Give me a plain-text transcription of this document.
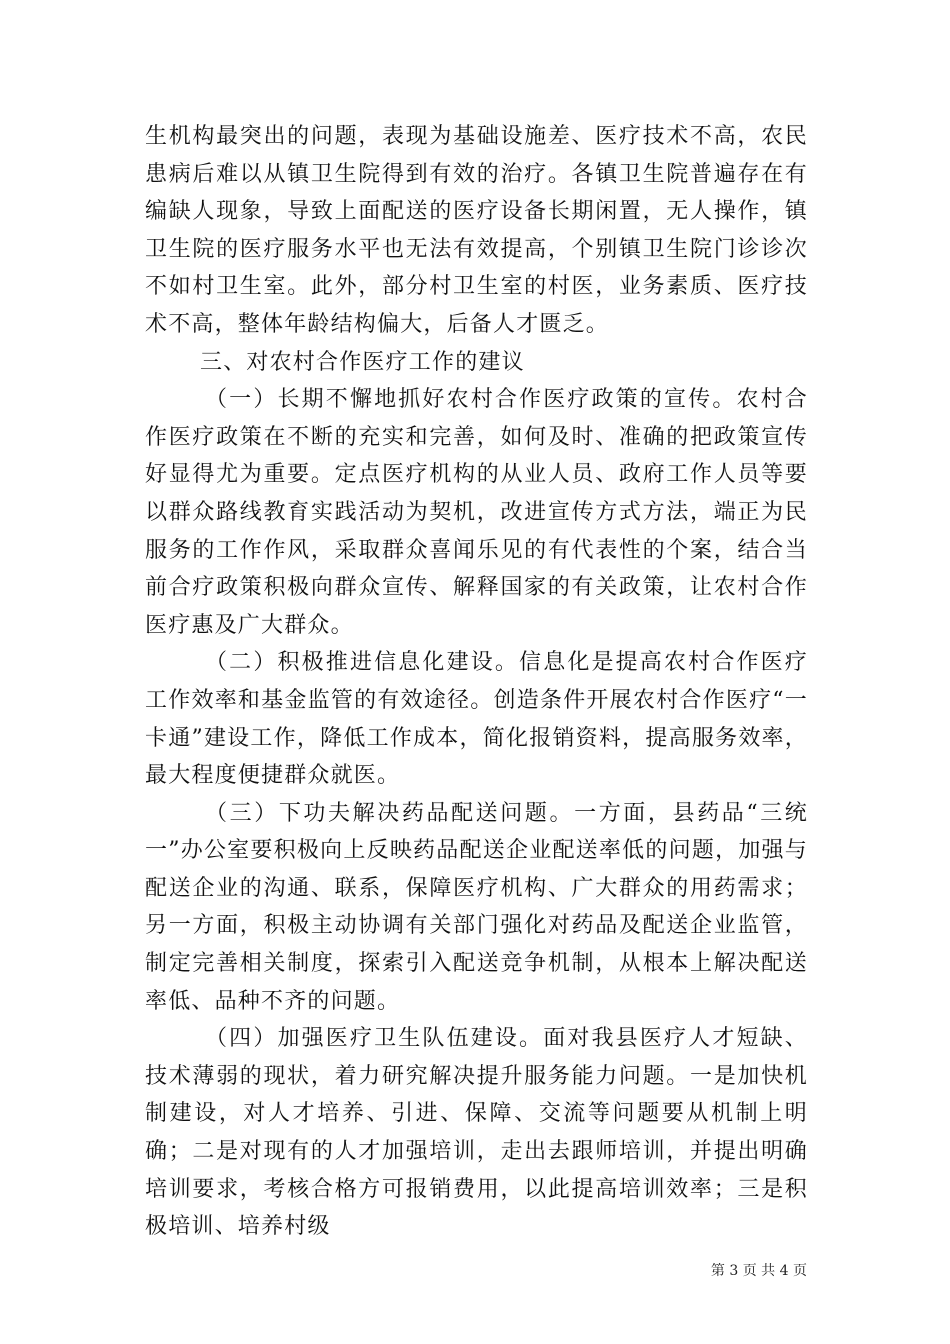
生机构最突出的问题，表现为基础设施差、医疗技术不高，农民患病后难以从镇卫生院得到有效的治疗。各镇卫生院普遍存在有编缺人现象，导致上面配送的医疗设备长期闲置，无人操作，镇卫生院的医疗服务水平也无法有效提高，个别镇卫生院门诊诊次不如村卫生室。此外，部分村卫生室的村医，业务素质、医疗技术不高，整体年龄结构偏大，后备人才匮乏。

三、对农村合作医疗工作的建议

（一）长期不懈地抓好农村合作医疗政策的宣传。农村合作医疗政策在不断的充实和完善，如何及时、准确的把政策宣传好显得尤为重要。定点医疗机构的从业人员、政府工作人员等要以群众路线教育实践活动为契机，改进宣传方式方法，端正为民服务的工作作风，采取群众喜闻乐见的有代表性的个案，结合当前合疗政策积极向群众宣传、解释国家的有关政策，让农村合作医疗惠及广大群众。

（二）积极推进信息化建设。信息化是提高农村合作医疗工作效率和基金监管的有效途径。创造条件开展农村合作医疗“一卡通”建设工作，降低工作成本，简化报销资料，提高服务效率，最大程度便捷群众就医。

（三）下功夫解决药品配送问题。一方面，县药品“三统一”办公室要积极向上反映药品配送企业配送率低的问题，加强与配送企业的沟通、联系，保障医疗机构、广大群众的用药需求；另一方面，积极主动协调有关部门强化对药品及配送企业监管，制定完善相关制度，探索引入配送竞争机制，从根本上解决配送率低、品种不齐的问题。

（四）加强医疗卫生队伍建设。面对我县医疗人才短缺、技术薄弱的现状，着力研究解决提升服务能力问题。一是加快机制建设，对人才培养、引进、保障、交流等问题要从机制上明确；二是对现有的人才加强培训，走出去跟师培训，并提出明确培训要求，考核合格方可报销费用，以此提高培训效率；三是积极培训、培养村级

第 3 页 共 4 页
